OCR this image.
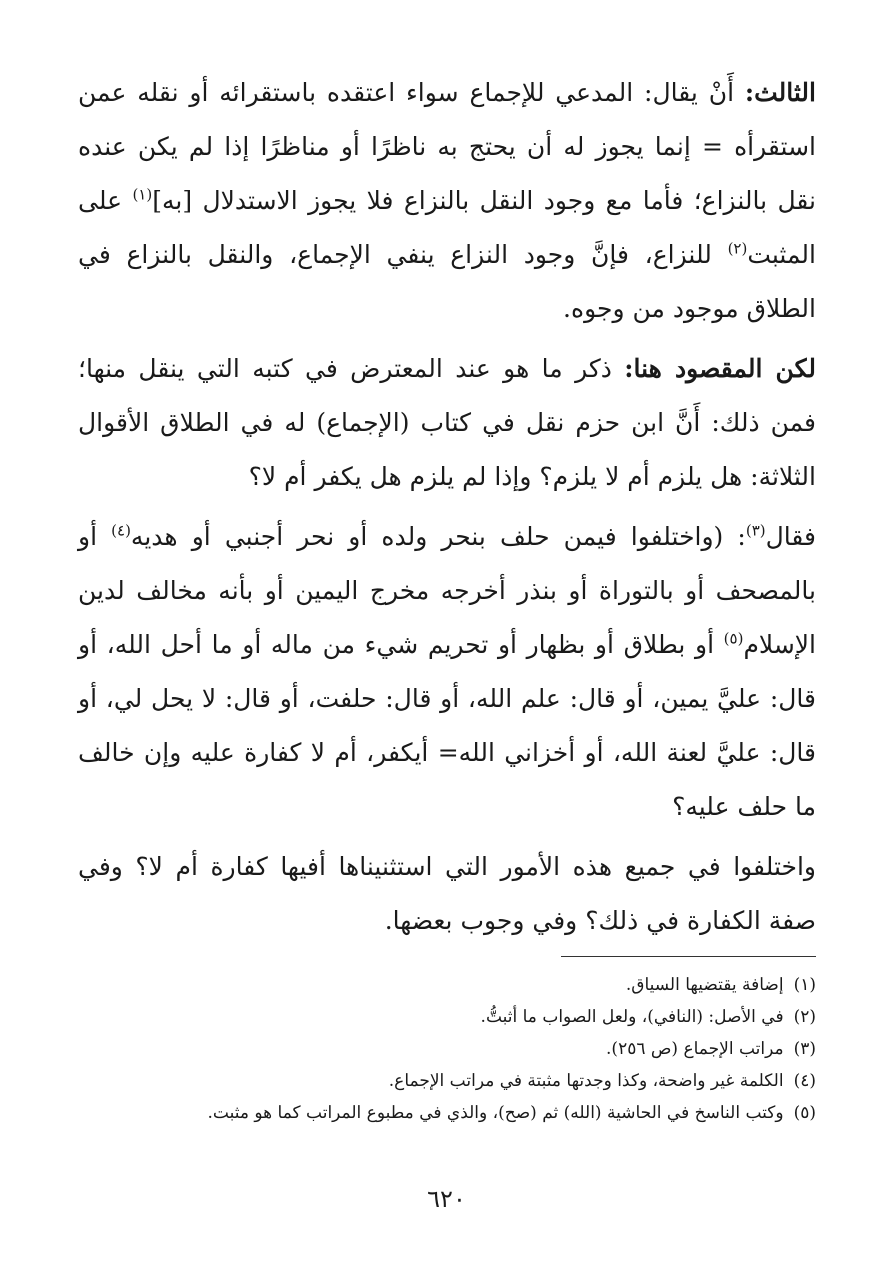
الثالث: أَنْ يقال: المدعي للإجماع سواء اعتقده باستقرائه أو نقله عمن استقرأه = إنما يجوز له أن يحتج به ناظرًا أو مناظرًا إذا لم يكن عنده نقل بالنزاع؛ فأما مع وجود النقل بالنزاع فلا يجوز الاستدلال [به]$^{(١)}$ على المثبت$^{(٢)}$ للنزاع، فإنَّ وجود النزاع ينفي الإجماع، والنقل بالنزاع في الطلاق موجود من وجوه.

لكن المقصود هنا: ذكر ما هو عند المعترض في كتبه التي ينقل منها؛ فمن ذلك: أَنَّ ابن حزم نقل في كتاب (الإجماع) له في الطلاق الأقوال الثلاثة: هل يلزم أم لا يلزم؟ وإذا لم يلزم هل يكفر أم لا؟

فقال$^{(٣)}$: (واختلفوا فيمن حلف بنحر ولده أو نحر أجنبي أو هديه$^{(٤)}$ أو بالمصحف أو بالتوراة أو بنذر أخرجه مخرج اليمين أو بأنه مخالف لدين الإسلام$^{(٥)}$ أو بطلاق أو بظهار أو تحريم شيء من ماله أو ما أحل الله، أو قال: عليَّ يمين، أو قال: علم الله، أو قال: حلفت، أو قال: لا يحل لي، أو قال: عليَّ لعنة الله، أو أخزاني الله= أيكفر، أم لا كفارة عليه وإن خالف ما حلف عليه؟

واختلفوا في جميع هذه الأمور التي استثنيناها أفيها كفارة أم لا؟ وفي صفة الكفارة في ذلك؟ وفي وجوب بعضها.

(١)إضافة يقتضيها السياق.
(٢)في الأصل: (النافي)، ولعل الصواب ما أثبتُّ.
(٣)مراتب الإجماع (ص ٢٥٦).
(٤)الكلمة غير واضحة، وكذا وجدتها مثبتة في مراتب الإجماع.
(٥)وكتب الناسخ في الحاشية (الله) ثم (صح)، والذي في مطبوع المراتب كما هو مثبت.
٦٢٠
